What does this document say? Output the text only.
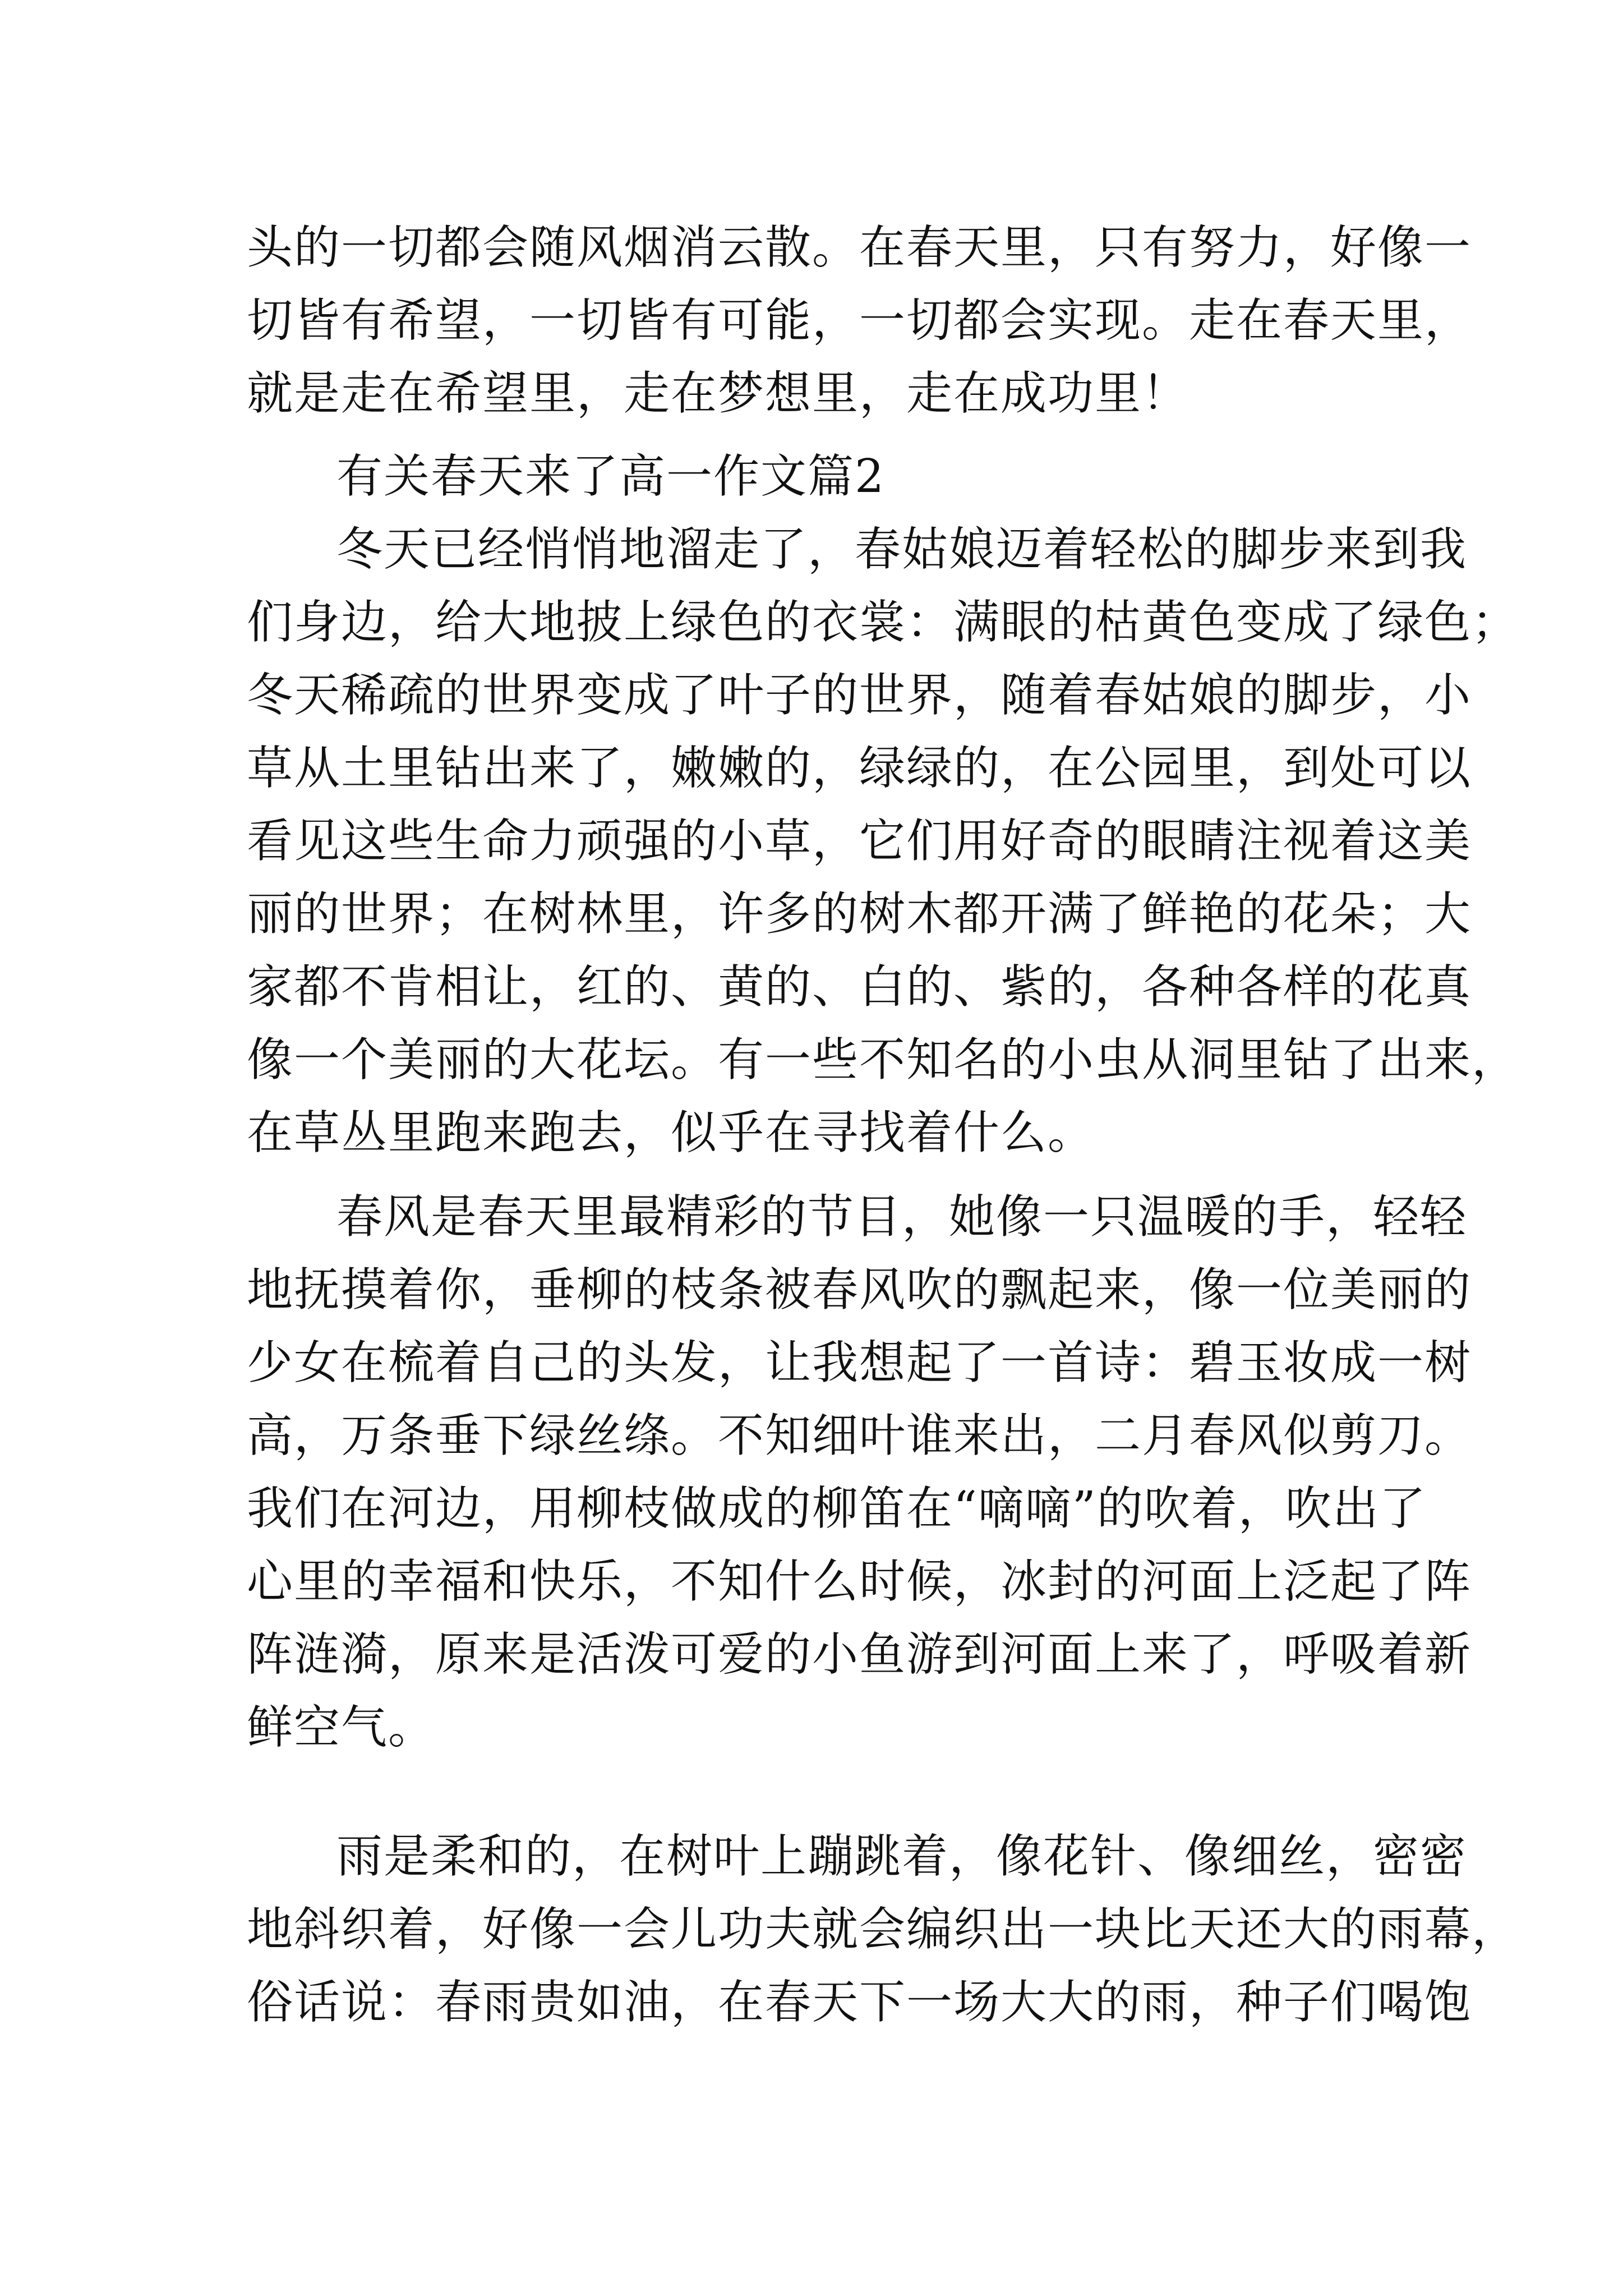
头的一切都会随风烟消云散。在春天里，只有努力，好像一

切皆有希望，一切皆有可能，一切都会实现。走在春天里，

就是走在希望里，走在梦想里，走在成功里！

有关春天来了高一作文篇2

冬天已经悄悄地溜走了，春姑娘迈着轻松的脚步来到我

们身边，给大地披上绿色的衣裳：满眼的枯黄色变成了绿色；

冬天稀疏的世界变成了叶子的世界，随着春姑娘的脚步，小

草从土里钻出来了，嫩嫩的，绿绿的，在公园里，到处可以

看见这些生命力顽强的小草，它们用好奇的眼睛注视着这美

丽的世界；在树林里，许多的树木都开满了鲜艳的花朵；大

家都不肯相让，红的、黄的、白的、紫的，各种各样的花真

像一个美丽的大花坛。有一些不知名的小虫从洞里钻了出来，

在草丛里跑来跑去，似乎在寻找着什么。

春风是春天里最精彩的节目，她像一只温暖的手，轻轻

地抚摸着你，垂柳的枝条被春风吹的飘起来，像一位美丽的

少女在梳着自己的头发，让我想起了一首诗：碧玉妆成一树

高，万条垂下绿丝绦。不知细叶谁来出，二月春风似剪刀。

我们在河边，用柳枝做成的柳笛在“嘀嘀”的吹着，吹出了

心里的幸福和快乐，不知什么时候，冰封的河面上泛起了阵

阵涟漪，原来是活泼可爱的小鱼游到河面上来了，呼吸着新

鲜空气。

雨是柔和的，在树叶上蹦跳着，像花针、像细丝，密密

地斜织着，好像一会儿功夫就会编织出一块比天还大的雨幕，

俗话说：春雨贵如油，在春天下一场大大的雨，种子们喝饱
